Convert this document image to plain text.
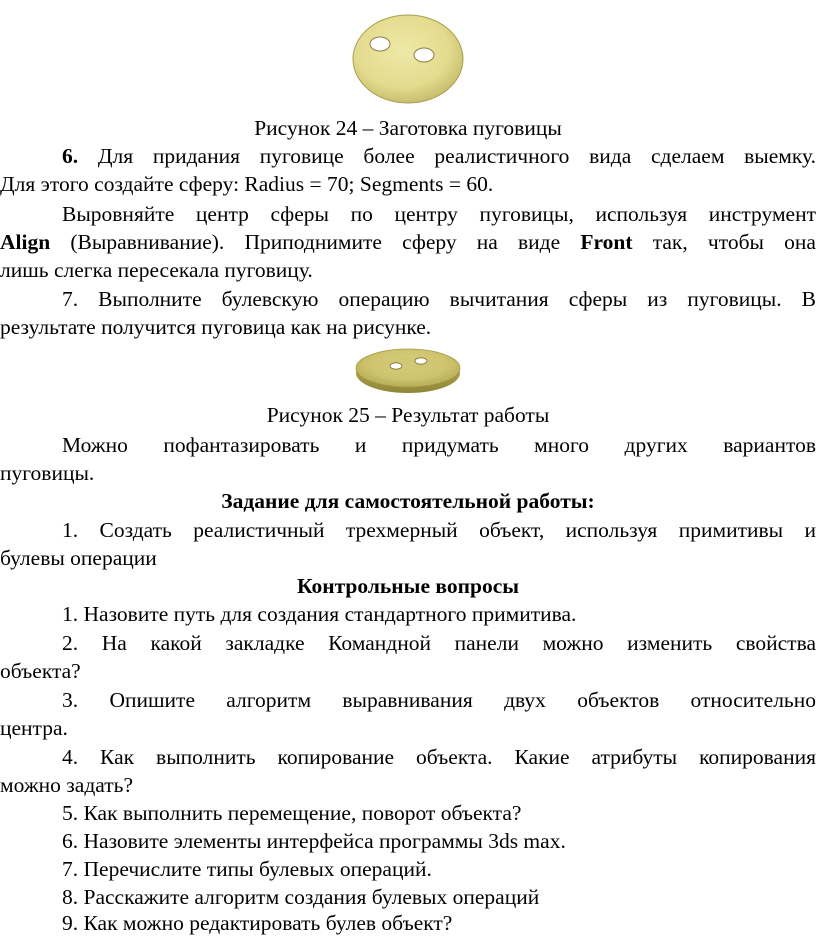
Рисунок 24 – Заготовка пуговицы
6. Для придания пуговице более реалистичного вида сделаем выемку.
Для этого создайте сферу: Radius = 70; Segments = 60.
Выровняйте центр сферы по центру пуговицы, используя инструмент
Align (Выравнивание). Приподнимите сферу на виде Front так, чтобы она
лишь слегка пересекала пуговицу.
7. Выполните булевскую операцию вычитания сферы из пуговицы. В
результате получится пуговица как на рисунке.
Рисунок 25 – Результат работы
Можно пофантазировать и придумать много других вариантов
пуговицы.
Задание для самостоятельной работы:
1. Создать реалистичный трехмерный объект, используя примитивы и
булевы операции
Контрольные вопросы
1. Назовите путь для создания стандартного примитива.
2. На какой закладке Командной панели можно изменить свойства
объекта?
3. Опишите алгоритм выравнивания двух объектов относительно
центра.
4. Как выполнить копирование объекта. Какие атрибуты копирования
можно задать?
5. Как выполнить перемещение, поворот объекта?
6. Назовите элементы интерфейса программы 3ds max.
7. Перечислите типы булевых операций.
8. Расскажите алгоритм создания булевых операций
9. Как можно редактировать булев объект?
